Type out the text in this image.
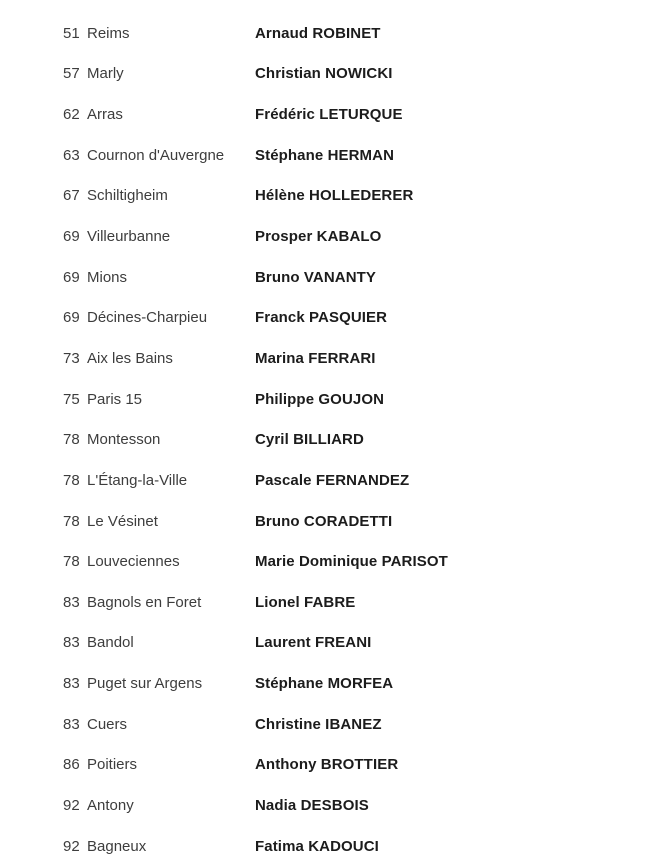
51 Reims	Arnaud ROBINET
57 Marly	Christian NOWICKI
62 Arras	Frédéric LETURQUE
63 Cournon d'Auvergne	Stéphane HERMAN
67 Schiltigheim	Hélène HOLLEDERER
69 Villeurbanne	Prosper KABALO
69 Mions	Bruno VANANTY
69 Décines-Charpieu	Franck PASQUIER
73 Aix les Bains	Marina FERRARI
75 Paris 15	Philippe GOUJON
78 Montesson	Cyril BILLIARD
78 L'Étang-la-Ville	Pascale FERNANDEZ
78 Le Vésinet	Bruno CORADETTI
78 Louveciennes	Marie Dominique PARISOT
83 Bagnols en Foret	Lionel FABRE
83 Bandol	Laurent FREANI
83 Puget sur Argens	Stéphane MORFEA
83 Cuers	Christine IBANEZ
86 Poitiers	Anthony BROTTIER
92 Antony	Nadia DESBOIS
92 Bagneux	Fatima KADOUCI
